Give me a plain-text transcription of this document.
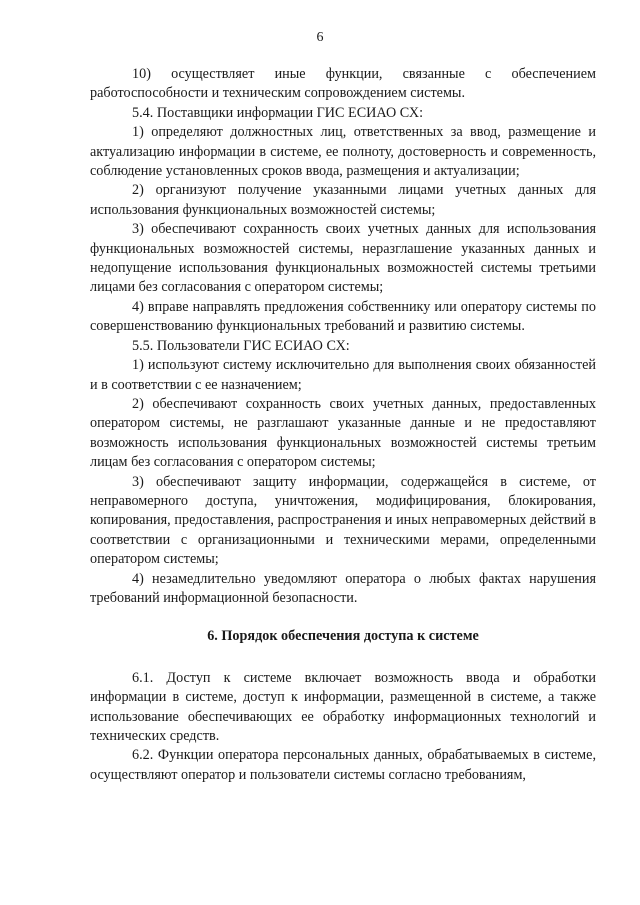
6

10) осуществляет иные функции, связанные с обеспечением работоспособности и техническим сопровождением системы.

5.4. Поставщики информации ГИС ЕСИАО СХ:

1) определяют должностных лиц, ответственных за ввод, размещение и актуализацию информации в системе, ее полноту, достоверность и современность, соблюдение установленных сроков ввода, размещения и актуализации;

2) организуют получение указанными лицами учетных данных для использования функциональных возможностей системы;

3) обеспечивают сохранность своих учетных данных для использования функциональных возможностей системы, неразглашение указанных данных и недопущение использования функциональных возможностей системы третьими лицами без согласования с оператором системы;

4) вправе направлять предложения собственнику или оператору системы по совершенствованию функциональных требований и развитию системы.

5.5. Пользователи ГИС ЕСИАО СХ:

1) используют систему исключительно для выполнения своих обязанностей и в соответствии с ее назначением;

2) обеспечивают сохранность своих учетных данных, предоставленных оператором системы, не разглашают указанные данные и не предоставляют возможность использования функциональных возможностей системы третьим лицам без согласования с оператором системы;

3) обеспечивают защиту информации, содержащейся в системе, от неправомерного доступа, уничтожения, модифицирования, блокирования, копирования, предоставления, распространения и иных неправомерных действий в соответствии с организационными и техническими мерами, определенными оператором системы;

4) незамедлительно уведомляют оператора о любых фактах нарушения требований информационной безопасности.

6. Порядок обеспечения доступа к системе

6.1. Доступ к системе включает возможность ввода и обработки информации в системе, доступ к информации, размещенной в системе, а также использование обеспечивающих ее обработку информационных технологий и технических средств.

6.2. Функции оператора персональных данных, обрабатываемых в системе, осуществляют оператор и пользователи системы согласно требованиям,
